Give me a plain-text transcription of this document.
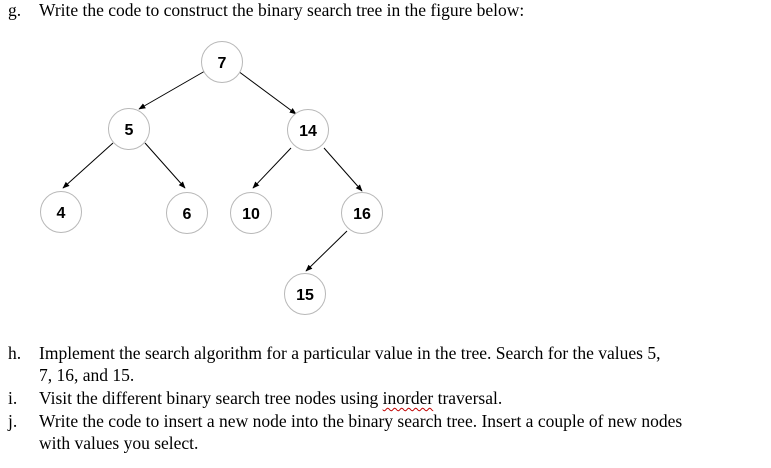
g. Write the code to construct the binary search tree in the figure below:
7
5	14
4	6	10	16
15
h. Implement the search algorithm for a particular value in the tree. Search for the values 5,
7, 16, and 15.
i. Visit the different binary search tree nodes using inorder traversal.
j. Write the code to insert a new node into the binary search tree. Insert a couple of new nodes
with values you select.
